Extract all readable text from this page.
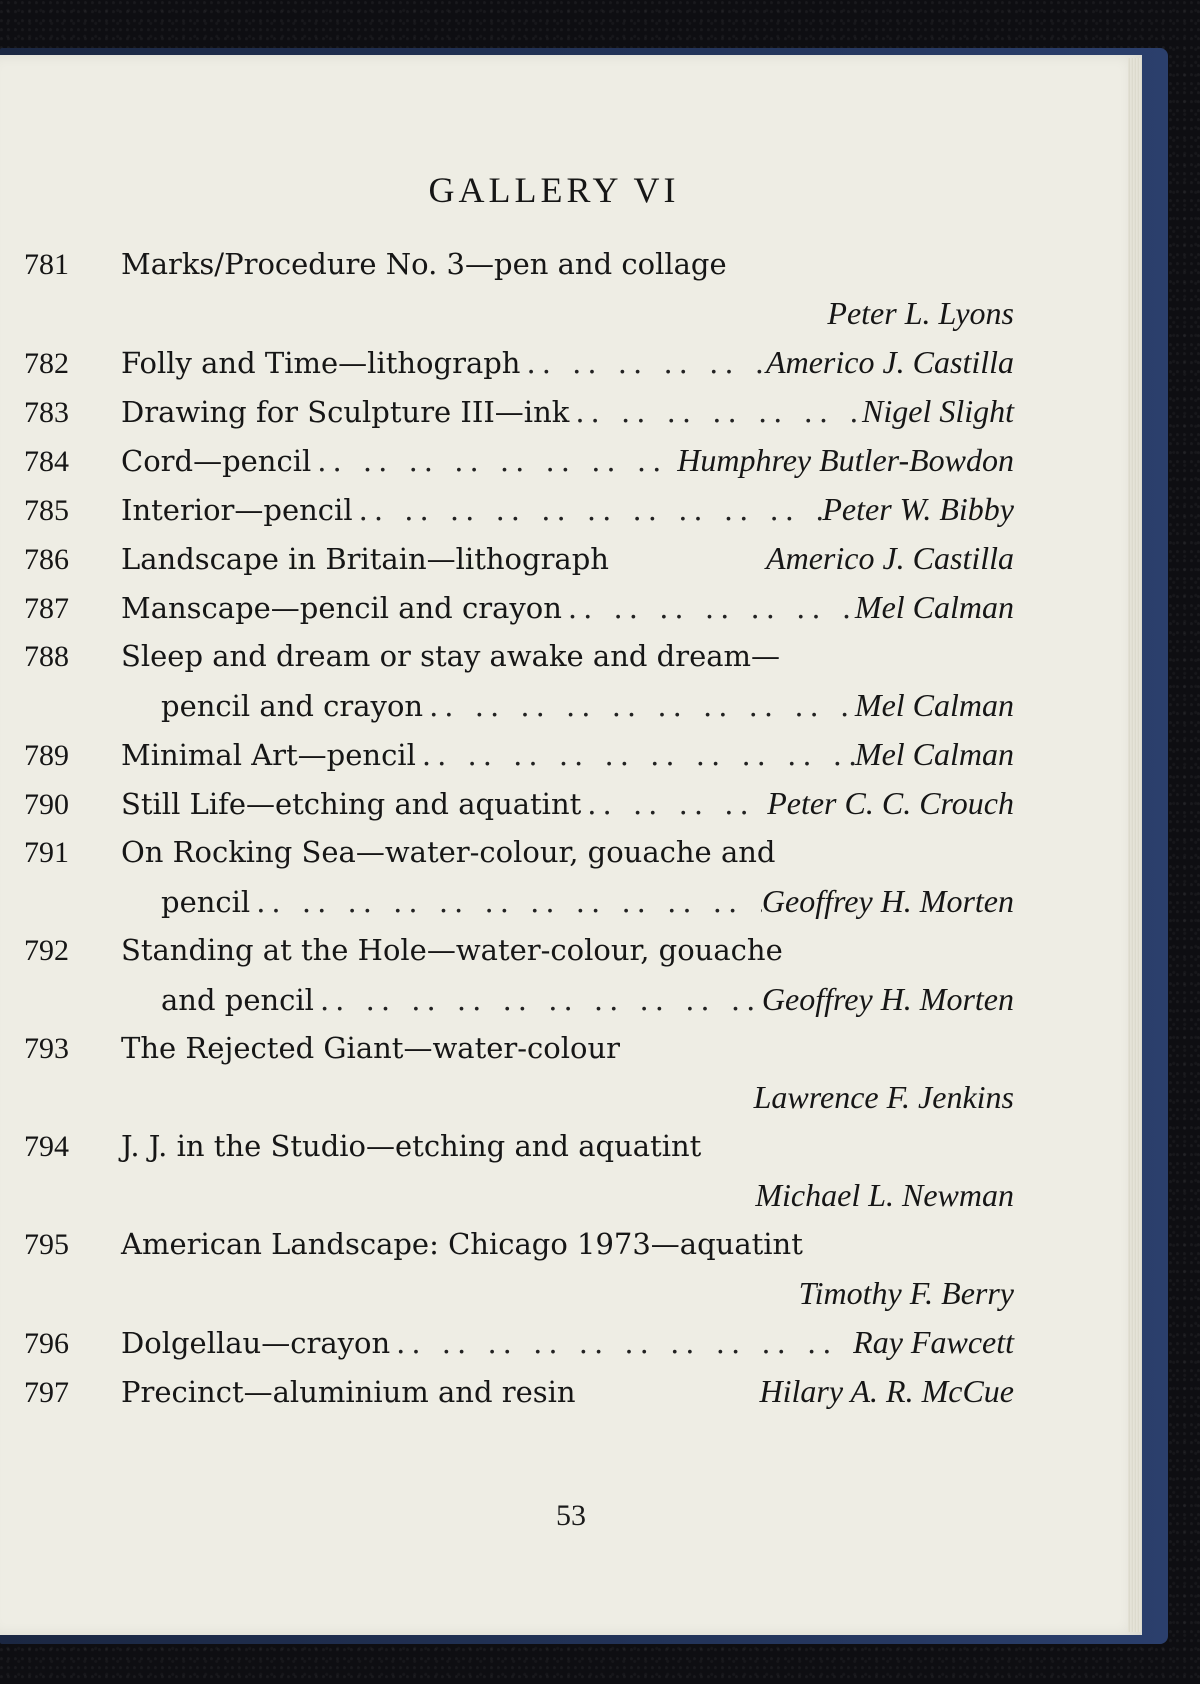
53
GALLERY VI
781	Marks/Procedure No. 3—pen and collage
Peter L. Lyons
782	Folly and Time—lithograph .. ..	Americo J. Castilla
783	Drawing for Sculpture III—ink .. ..	Nigel Slight
784	Cord—pencil .. ..	Humphrey Butler-Bowdon
785	Interior—pencil .. ..	Peter W. Bibby
786	Landscape in Britain—lithograph	Americo J. Castilla
787	Manscape—pencil and crayon .. ..	Mel Calman
788	Sleep and dream or stay awake and dream—
pencil and crayon .. ..	Mel Calman
789	Minimal Art—pencil .. ..	Mel Calman
790	Still Life—etching and aquatint .. ..	Peter C. C. Crouch
791	On Rocking Sea—water-colour, gouache and
pencil .. ..	Geoffrey H. Morten
792	Standing at the Hole—water-colour, gouache
and pencil .. ..	Geoffrey H. Morten
793	The Rejected Giant—water-colour
Lawrence F. Jenkins
794	J. J. in the Studio—etching and aquatint
Michael L. Newman
795	American Landscape: Chicago 1973—aquatint
Timothy F. Berry
796	Dolgellau—crayon .. ..	Ray Fawcett
797	Precinct—aluminium and resin	Hilary A. R. McCue
